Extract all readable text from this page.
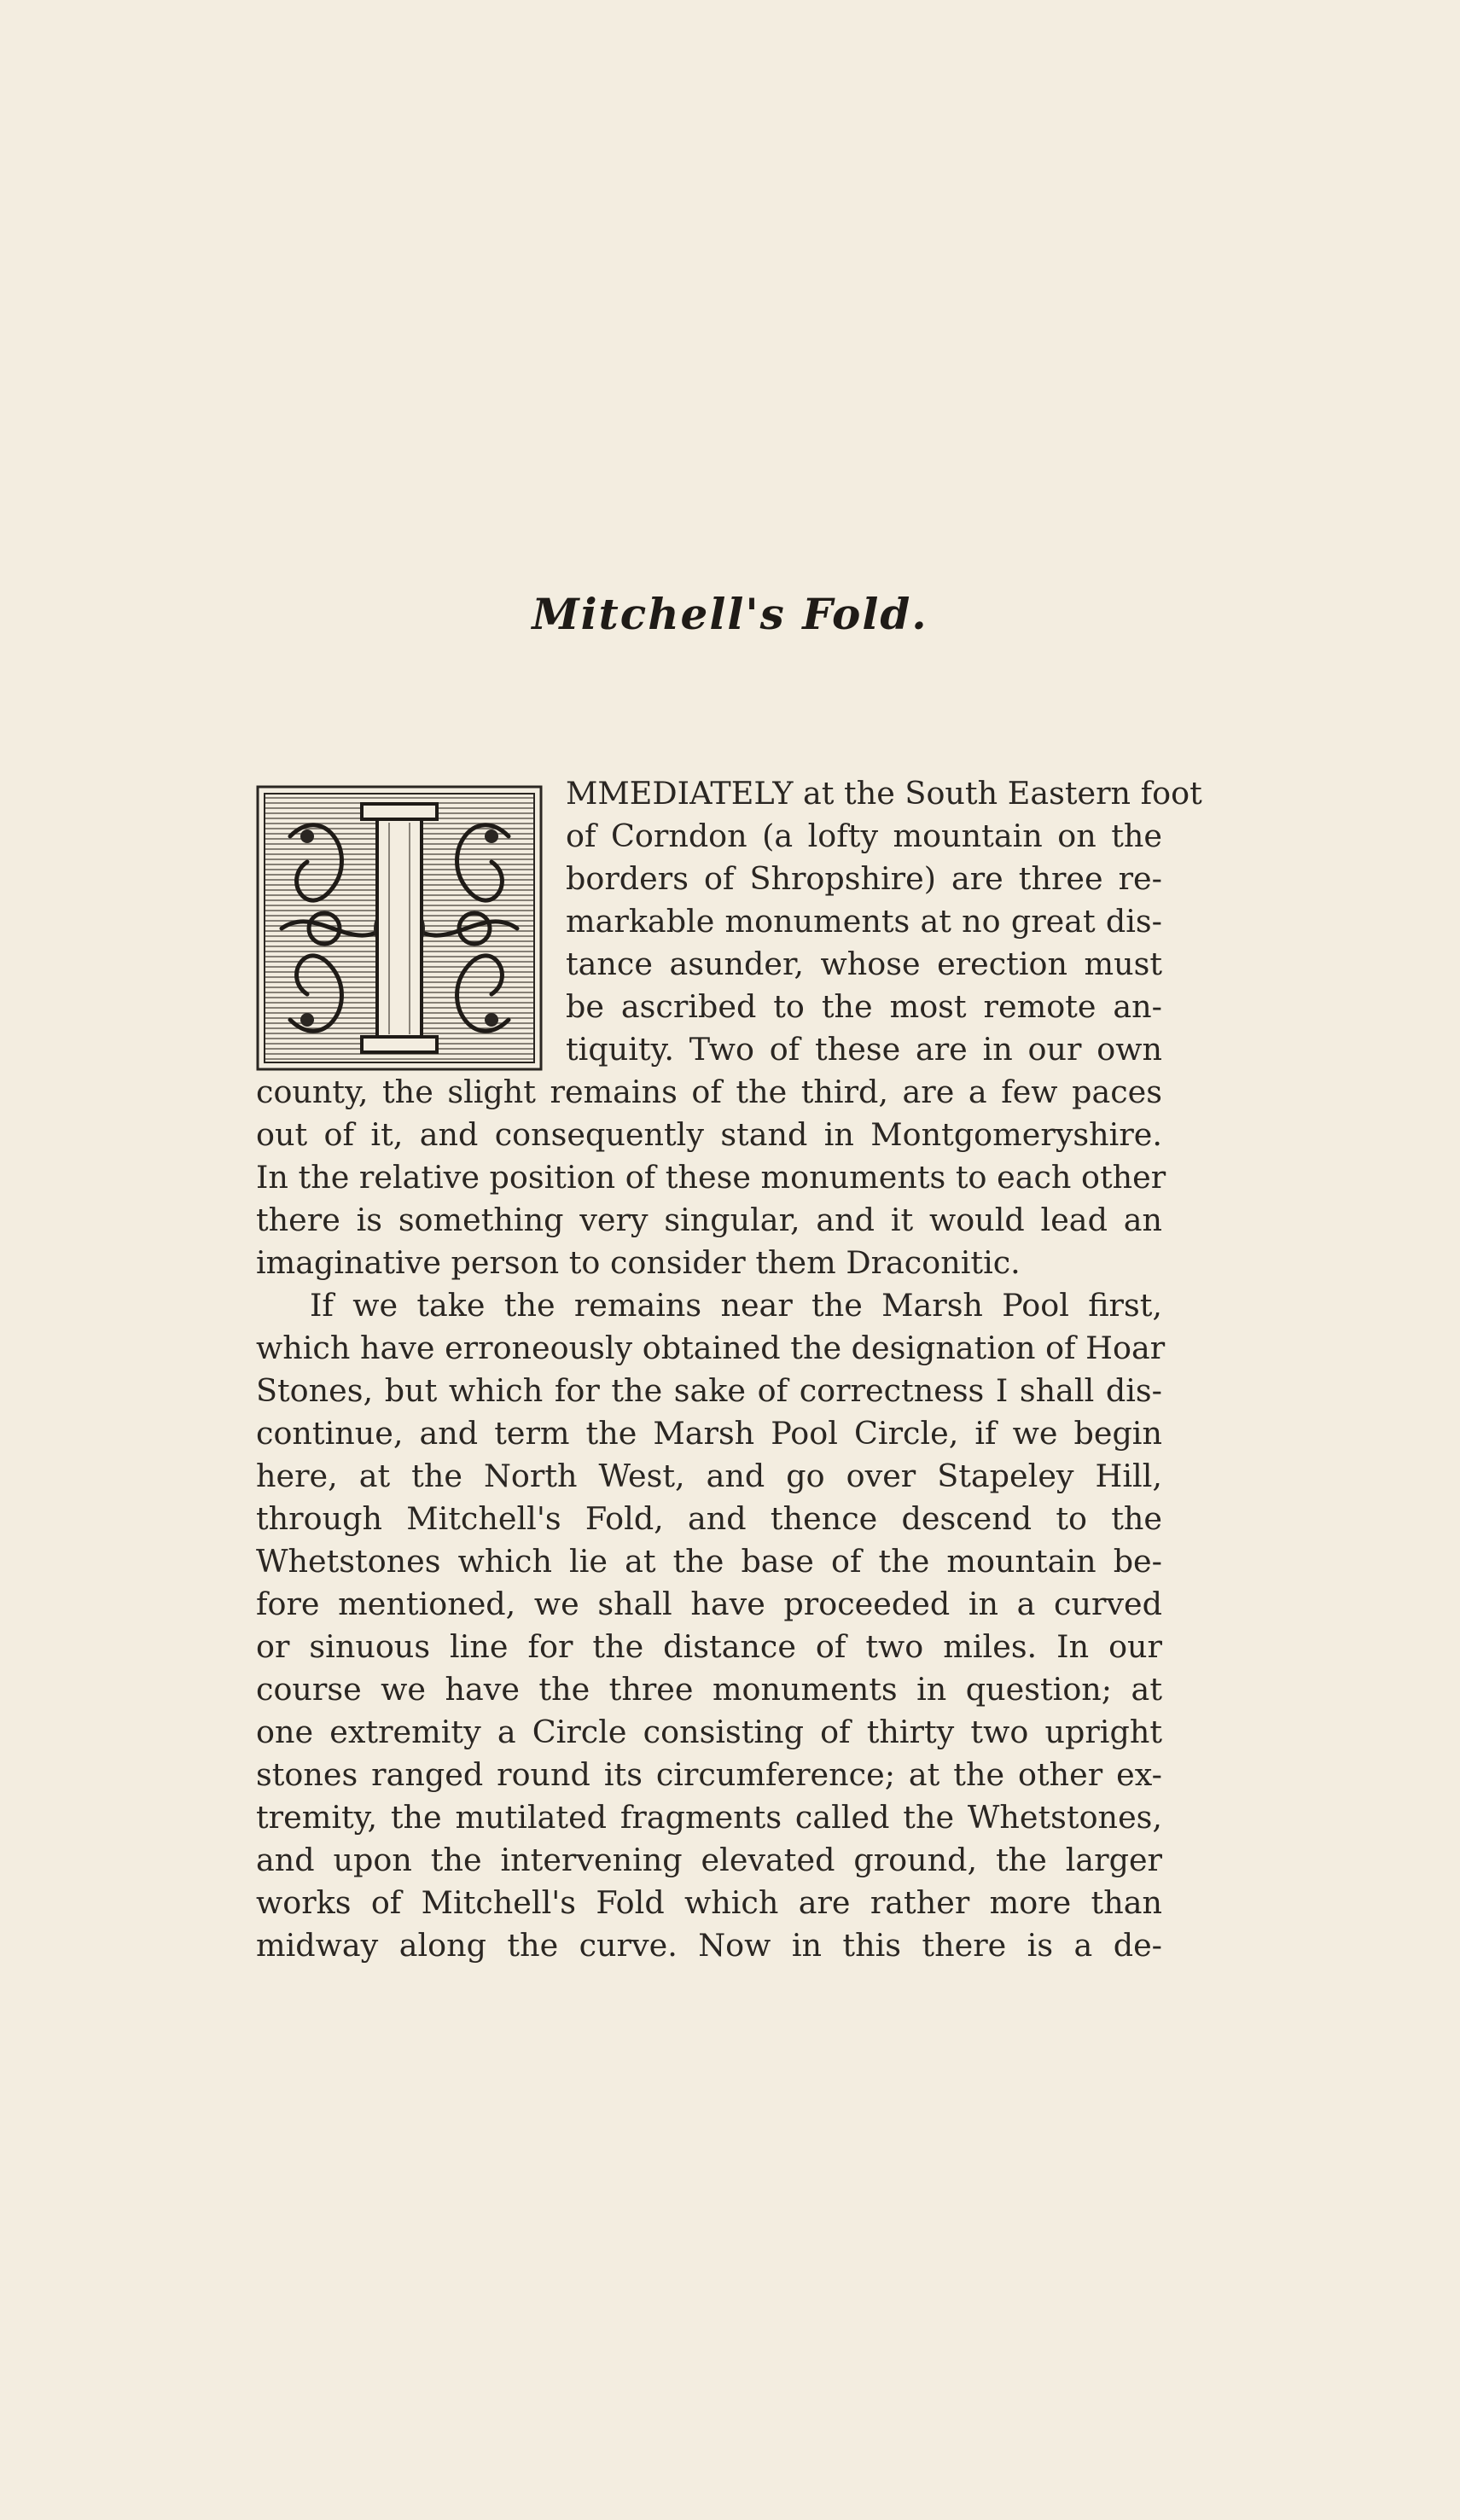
Mitchell's Fold.
MMEDIATELY at the South Eastern foot
of Corndon (a lofty mountain on the
borders of Shropshire) are three re-
markable monuments at no great dis-
tance asunder, whose erection must
be ascribed to the most remote an-
tiquity. Two of these are in our own
county, the slight remains of the third, are a few paces
out of it, and consequently stand in Montgomeryshire.
In the relative position of these monuments to each other
there is something very singular, and it would lead an
imaginative person to consider them Draconitic.
If we take the remains near the Marsh Pool first,
which have erroneously obtained the designation of Hoar
Stones, but which for the sake of correctness I shall dis-
continue, and term the Marsh Pool Circle, if we begin
here, at the North West, and go over Stapeley Hill,
through Mitchell's Fold, and thence descend to the
Whetstones which lie at the base of the mountain be-
fore mentioned, we shall have proceeded in a curved
or sinuous line for the distance of two miles. In our
course we have the three monuments in question; at
one extremity a Circle consisting of thirty two upright
stones ranged round its circumference; at the other ex-
tremity, the mutilated fragments called the Whetstones,
and upon the intervening elevated ground, the larger
works of Mitchell's Fold which are rather more than
midway along the curve. Now in this there is a de-
